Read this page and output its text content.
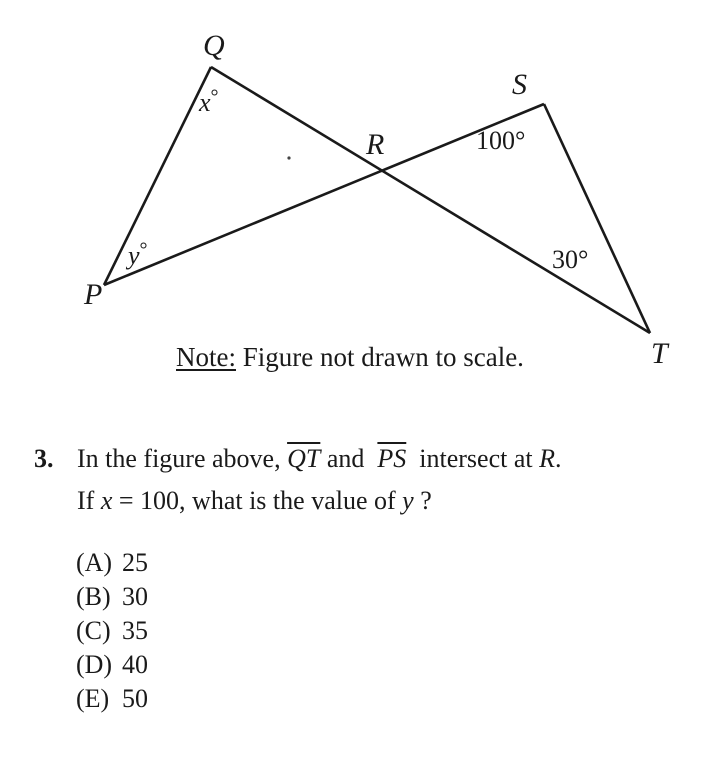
Q
S
R
P
T
x°
y°
100°
30°
Note: Figure not drawn to scale.
3. In the figure above, $\overline{QT}$ and $\overline{PS}$ intersect at R.
If x = 100, what is the value of y ?
(A) 25
(B) 30
(C) 35
(D) 40
(E) 50
